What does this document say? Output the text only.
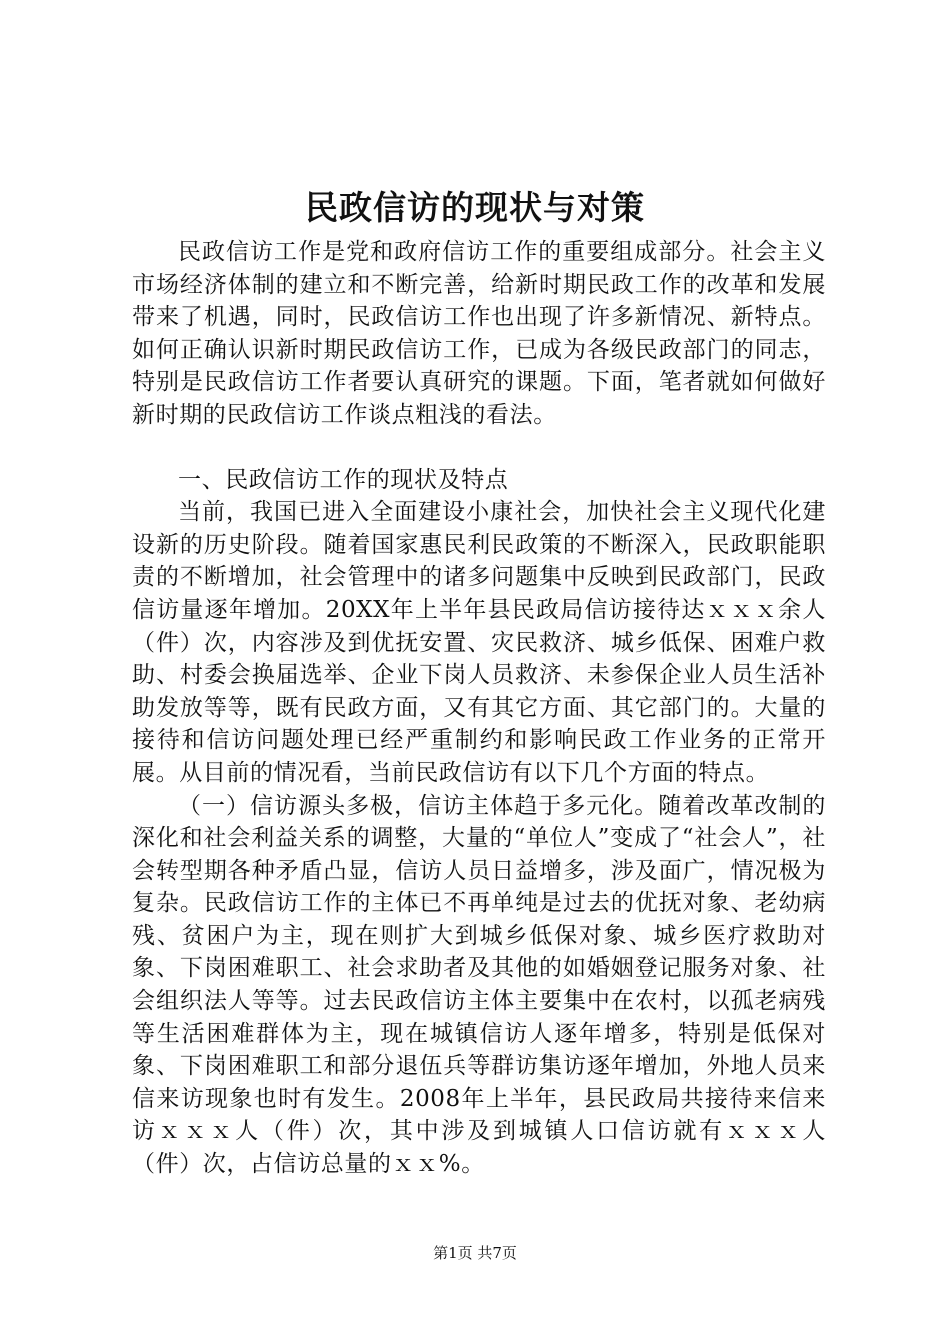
民政信访的现状与对策

民政信访工作是党和政府信访工作的重要组成部分。社会主义市场经济体制的建立和不断完善，给新时期民政工作的改革和发展带来了机遇，同时，民政信访工作也出现了许多新情况、新特点。如何正确认识新时期民政信访工作，已成为各级民政部门的同志，特别是民政信访工作者要认真研究的课题。下面，笔者就如何做好新时期的民政信访工作谈点粗浅的看法。

一、民政信访工作的现状及特点

当前，我国已进入全面建设小康社会，加快社会主义现代化建设新的历史阶段。随着国家惠民利民政策的不断深入，民政职能职责的不断增加，社会管理中的诸多问题集中反映到民政部门，民政信访量逐年增加。20XX年上半年县民政局信访接待达ｘｘｘ余人（件）次，内容涉及到优抚安置、灾民救济、城乡低保、困难户救助、村委会换届选举、企业下岗人员救济、未参保企业人员生活补助发放等等，既有民政方面，又有其它方面、其它部门的。大量的接待和信访问题处理已经严重制约和影响民政工作业务的正常开展。从目前的情况看，当前民政信访有以下几个方面的特点。

（一）信访源头多极，信访主体趋于多元化。随着改革改制的深化和社会利益关系的调整，大量的“单位人”变成了“社会人”，社会转型期各种矛盾凸显，信访人员日益增多，涉及面广，情况极为复杂。民政信访工作的主体已不再单纯是过去的优抚对象、老幼病残、贫困户为主，现在则扩大到城乡低保对象、城乡医疗救助对象、下岗困难职工、社会求助者及其他的如婚姻登记服务对象、社会组织法人等等。过去民政信访主体主要集中在农村，以孤老病残等生活困难群体为主，现在城镇信访人逐年增多，特别是低保对象、下岗困难职工和部分退伍兵等群访集访逐年增加，外地人员来信来访现象也时有发生。2008年上半年，县民政局共接待来信来访ｘｘｘ人（件）次，其中涉及到城镇人口信访就有ｘｘｘ人（件）次，占信访总量的ｘｘ%。

第1页 共7页
